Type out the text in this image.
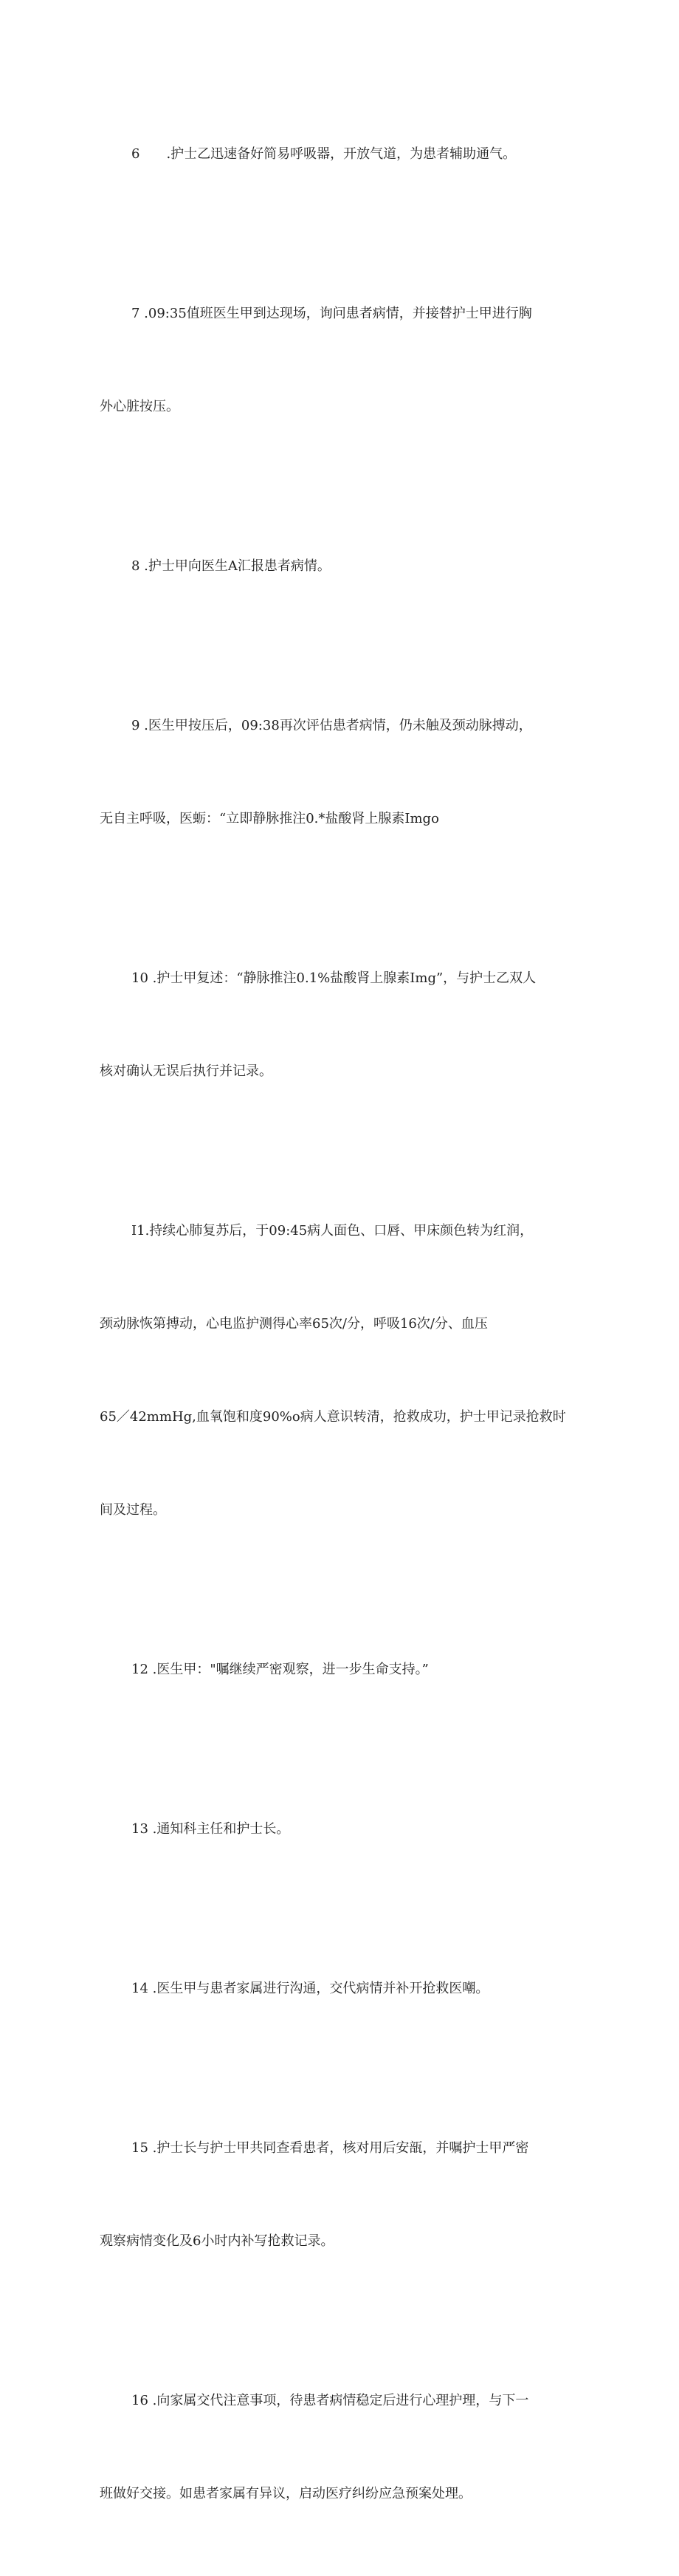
6　　.护士乙迅速备好简易呼吸器，开放气道，为患者辅助通气。

7 .09:35值班医生甲到达现场，询问患者病情，并接替护士甲进行胸

外心脏按压。

8 .护士甲向医生A汇报患者病情。

9 .医生甲按压后，09:38再次评估患者病情，仍未触及颈动脉搏动，

无自主呼吸，医蛎：“立即静脉推注0.*盐酸肾上腺素Imgo

10 .护士甲复述：“静脉推注0.1%盐酸肾上腺素Img”，与护士乙双人

核对确认无误后执行并记录。

I1.持续心肺复苏后，于09:45病人面色、口唇、甲床颜色转为红润，

颈动脉恢第搏动，心电监护测得心率65次/分，呼吸16次/分、血压

65／42mmHg,血氧饱和度90%o病人意识转清，抢救成功，护士甲记录抢救时

间及过程。

12 .医生甲："嘱继续严密观察，进一步生命支持。”

13 .通知科主任和护士长。

14 .医生甲与患者家属进行沟通，交代病情并补开抢救医嘲。

15 .护士长与护士甲共同查看患者，核对用后安瓿，并嘱护士甲严密

观察病情变化及6小时内补写抢救记录。

16 .向家属交代注意事项，待患者病情稳定后进行心理护理，与下一

班做好交接。如患者家属有异议，启动医疗纠纷应急预案处理。
